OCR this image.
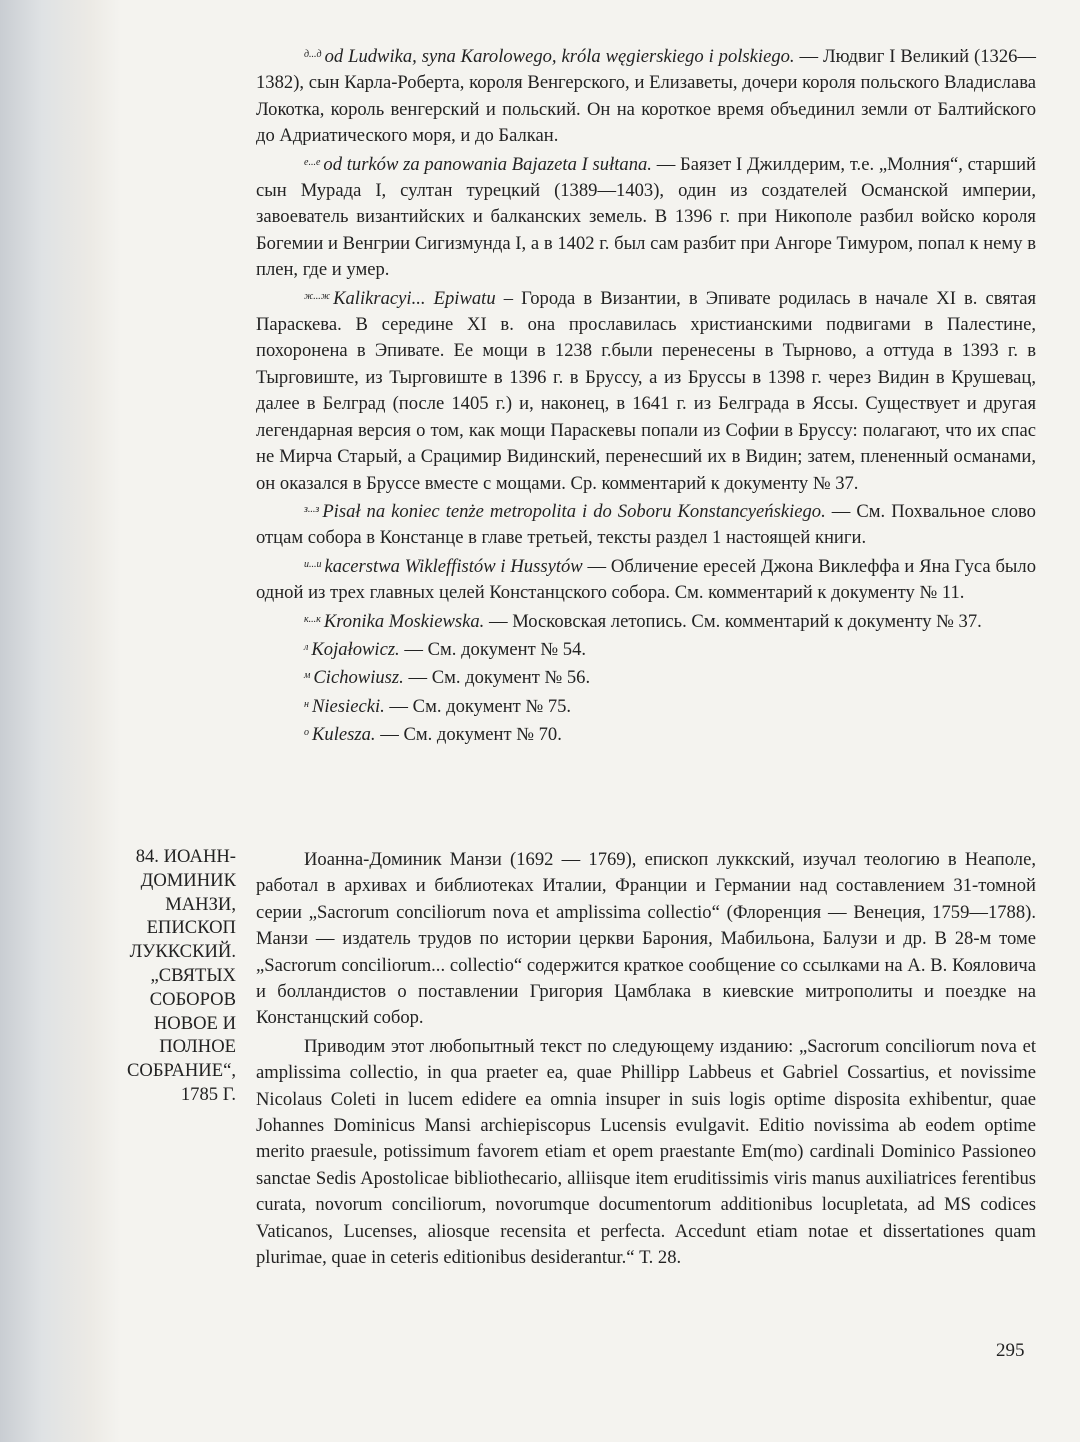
$^{д...д}$ od Ludwika, syna Karolowego, króla węgierskiego i polskiego. — Людвиг I Великий (1326—1382), сын Карла-Роберта, короля Венгерского, и Елизаветы, дочери короля польского Владислава Локотка, король венгерский и польский. Он на короткое время объединил земли от Балтийского до Адриатического моря, и до Балкан.

$^{е...е}$ od turków za panowania Bajazeta I sułtana. — Баязет I Джилдерим, т.е. „Молния“, старший сын Мурада I, султан турецкий (1389—1403), один из создателей Османской империи, завоеватель византийских и балканских земель. В 1396 г. при Никополе разбил войско короля Богемии и Венгрии Сигизмунда I, а в 1402 г. был сам разбит при Ангоре Тимуром, попал к нему в плен, где и умер.

$^{ж...ж}$ Kalikracyi... Epiwatu – Города в Византии, в Эпивате родилась в начале XI в. святая Параскева. В середине XI в. она прославилась христианскими подвигами в Палестине, похоронена в Эпивате. Ее мощи в 1238 г.были перенесены в Тырново, а оттуда в 1393 г. в Тырговиште, из Тырговиште в 1396 г. в Бруссу, а из Бруссы в 1398 г. через Видин в Крушевац, далее в Белград (после 1405 г.) и, наконец, в 1641 г. из Белграда в Яссы. Существует и другая легендарная версия о том, как мощи Параскевы попали из Софии в Бруссу: полагают, что их спас не Мирча Старый, а Срацимир Видинский, перенесший их в Видин; затем, плененный османами, он оказался в Бруссе вместе с мощами. Ср. комментарий к документу № 37.

$^{з...з}$ Pisał na koniec tenże metropolita i do Soboru Konstancyeńskiego. — См. Похвальное слово отцам собора в Констанце в главе третьей, тексты раздел 1 настоящей книги.

$^{и...и}$ kacerstwa Wikleffistów i Hussytów — Обличение ересей Джона Виклеффа и Яна Гуса было одной из трех главных целей Констанцского собора. См. комментарий к документу № 11.

$^{к...к}$ Kronika Moskiewska. — Московская летопись. См. комментарий к документу № 37.

$^л$ Kojałowicz. — См. документ № 54.

$^м$ Cichowiusz. — См. документ № 56.

$^н$ Niesiecki. — См. документ № 75.

$^о$ Kulesza. — См. документ № 70.

84. ИОАНН-ДОМИНИК МАНЗИ, ЕПИСКОП ЛУККСКИЙ. „СВЯТЫХ СОБОРОВ НОВОЕ И ПОЛНОЕ СОБРАНИЕ“, 1785 Г.

Иоанна-Доминик Манзи (1692 — 1769), епископ луккский, изучал теологию в Неаполе, работал в архивах и библиотеках Италии, Франции и Германии над составлением 31-томной серии „Sacrorum conciliorum nova et amplissima collectio“ (Флоренция — Венеция, 1759—1788). Манзи — издатель трудов по истории церкви Барония, Мабильона, Балузи и др. В 28-м томе „Sacrorum conciliorum... collectio“ содержится краткое сообщение со ссылками на А. В. Кояловича и болландистов о поставлении Григория Цамблака в киевские митрополиты и поездке на Констанцский собор.

Приводим этот любопытный текст по следующему изданию: „Sacrorum conciliorum nova et amplissima collectio, in qua praeter ea, quae Phillipp Labbeus et Gabriel Cossartius, et novissime Nicolaus Coleti in lucem edidere ea omnia insuper in suis logis optime disposita exhibentur, quae Johannes Dominicus Mansi archiepiscopus Lucensis evulgavit. Editio novissima ab eodem optime merito praesule, potissimum favorem etiam et opem praestante Em(mo) cardinali Dominico Passioneo sanctae Sedis Apostolicae bibliothecario, alliisque item eruditissimis viris manus auxiliatrices ferentibus curata, novorum conciliorum, novorumque documentorum additionibus locupletata, ad MS codices Vaticanos, Lucenses, aliosque recensita et perfecta. Accedunt etiam notae et dissertationes quam plurimae, quae in ceteris editionibus desiderantur.“ Т. 28.

295
